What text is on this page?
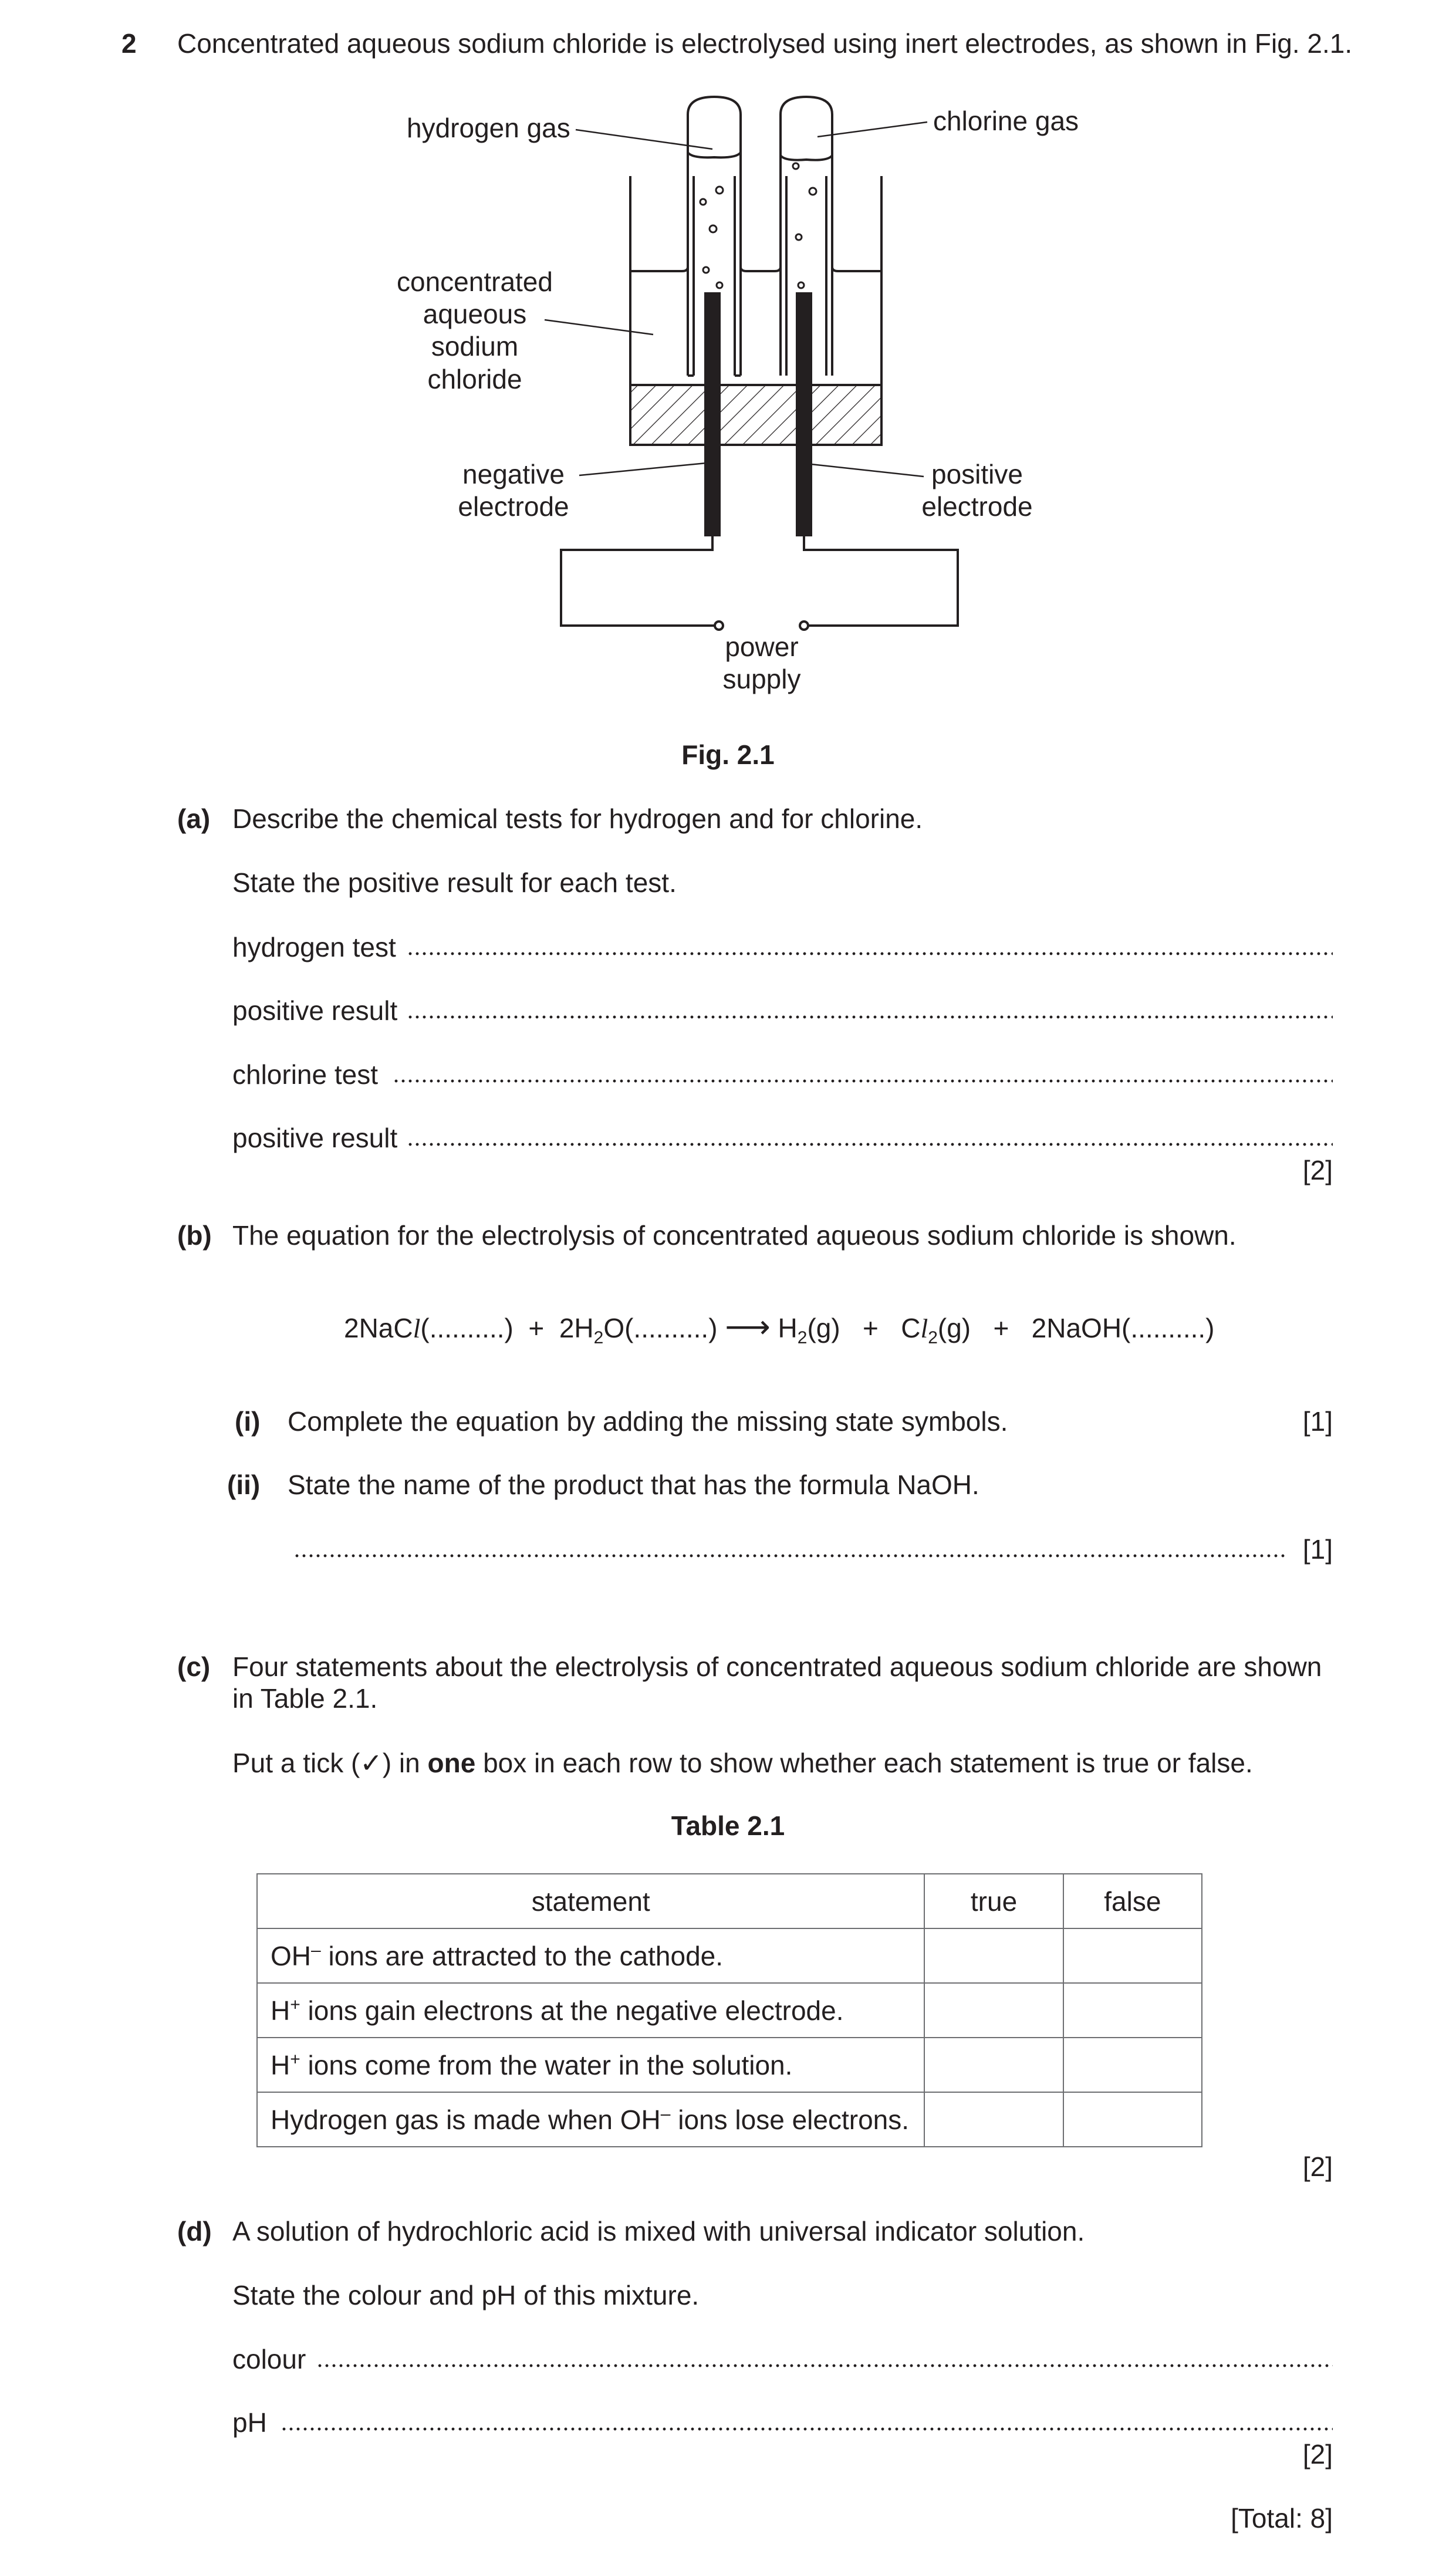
2 Concentrated aqueous sodium chloride is electrolysed using inert electrodes, as shown in Fig. 2.1.
hydrogen gas	chlorine gas
concentrated
aqueous
sodium chloride
negative
electrode
positive
electrode
power
supply
Fig. 2.1
(a) Describe the chemical tests for hydrogen and for chlorine.
State the positive result for each test.
hydrogen test
positive result
chlorine test
positive result
[2]
(b) The equation for the electrolysis of concentrated aqueous sodium chloride is shown.
2NaCl(..........)  +  $2H_2O(..........)$ ⟶ $H_2(g) + Cl_2(g)$   +   2NaOH(..........)
(i) Complete the equation by adding the missing state symbols.	[1]
(ii) State the name of the product that has the formula NaOH.
[1]
(c) Four statements about the electrolysis of concentrated aqueous sodium chloride are shown
in Table 2.1.
Put a tick (✓) in one box in each row to show whether each statement is true or false.
Table 2.1
statement	true	false
OH– ions are attracted to the cathode.		
H+ ions gain electrons at the negative electrode.		
H+ ions come from the water in the solution.		
Hydrogen gas is made when OH– ions lose electrons.		
[2]
(d) A solution of hydrochloric acid is mixed with universal indicator solution.
State the colour and pH of this mixture.
colour
pH
[2]
[Total: 8]
